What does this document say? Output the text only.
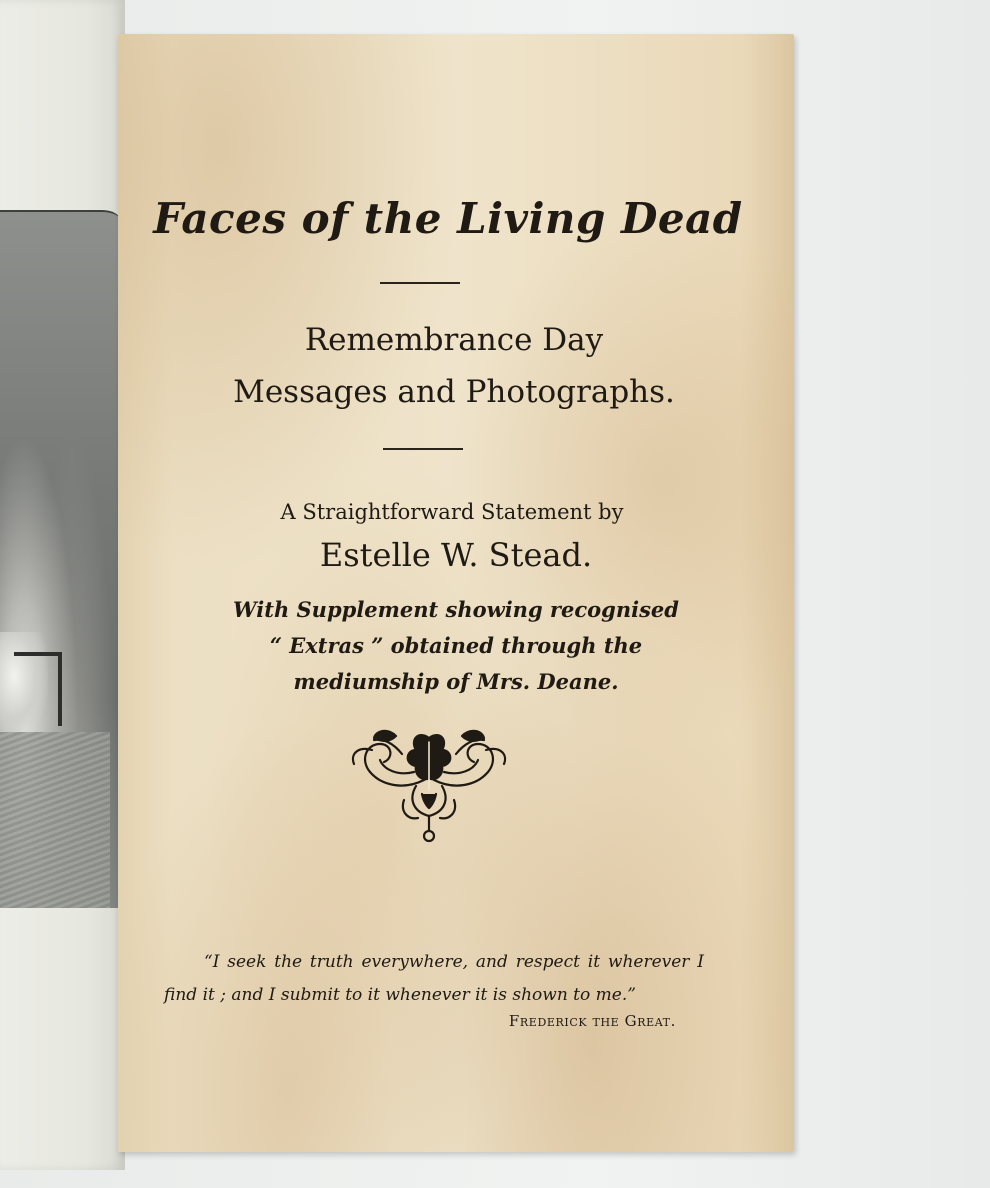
Faces of the Living Dead
Remembrance Day
Messages and Photographs.

A Straightforward Statement by

Estelle W. Stead.

With Supplement showing recognised
“ Extras ” obtained through the
mediumship of Mrs. Deane.

“I seek the truth everywhere, and respect it wherever I find it ; and I submit to it whenever it is shown to me.”

Frederick the Great.
